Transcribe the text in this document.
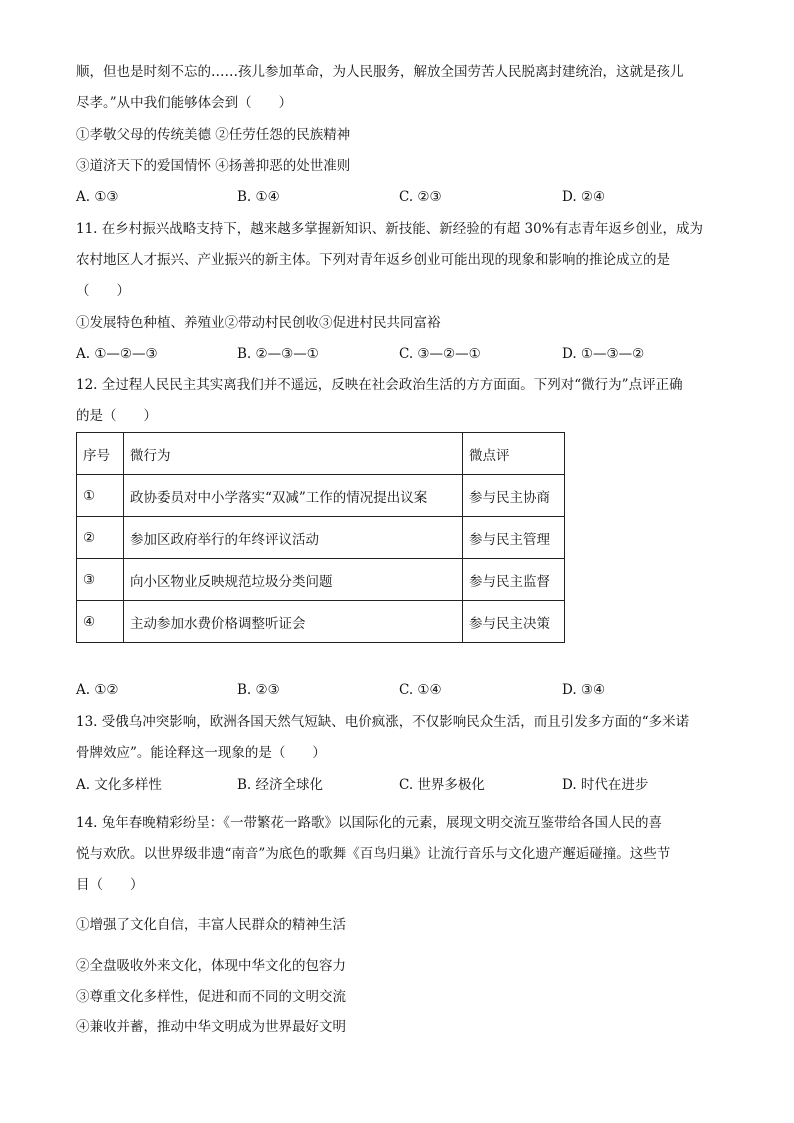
顺，但也是时刻不忘的……孩儿参加革命，为人民服务，解放全国劳苦人民脱离封建统治，这就是孩儿
尽孝。”从中我们能够体会到（　　）
①孝敬父母的传统美德 ②任劳任怨的民族精神
③道济天下的爱国情怀 ④扬善抑恶的处世准则
A. ①③	B. ①④	C. ②③	D. ②④
11. 在乡村振兴战略支持下，越来越多掌握新知识、新技能、新经验的有超 30%有志青年返乡创业，成为
农村地区人才振兴、产业振兴的新主体。下列对青年返乡创业可能出现的现象和影响的推论成立的是
（　　）
①发展特色种植、养殖业②带动村民创收③促进村民共同富裕
A. ①—②—③	B. ②—③—①	C. ③—②—①	D. ①—③—②
12. 全过程人民民主其实离我们并不遥远，反映在社会政治生活的方方面面。下列对“微行为”点评正确
的是（　　）
序号	微行为	微点评
①	政协委员对中小学落实“双减”工作的情况提出议案	参与民主协商
②	参加区政府举行的年终评议活动	参与民主管理
③	向小区物业反映规范垃圾分类问题	参与民主监督
④	主动参加水费价格调整听证会	参与民主决策
A. ①②	B. ②③	C. ①④	D. ③④
13. 受俄乌冲突影响，欧洲各国天然气短缺、电价疯涨，不仅影响民众生活，而且引发多方面的“多米诺
骨牌效应”。能诠释这一现象的是（　　）
A. 文化多样性	B. 经济全球化	C. 世界多极化	D. 时代在进步
14. 兔年春晚精彩纷呈：《一带繁花一路歌》以国际化的元素，展现文明交流互鉴带给各国人民的喜
悦与欢欣。以世界级非遗“南音”为底色的歌舞《百鸟归巢》让流行音乐与文化遗产邂逅碰撞。这些节
目（　　）
①增强了文化自信，丰富人民群众的精神生活
②全盘吸收外来文化，体现中华文化的包容力
③尊重文化多样性，促进和而不同的文明交流
④兼收并蓄，推动中华文明成为世界最好文明
